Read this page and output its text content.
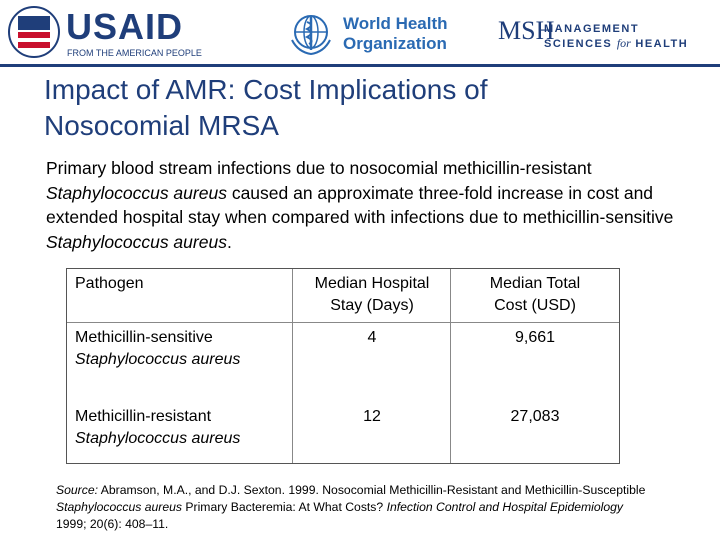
USAID
FROM THE AMERICAN PEOPLE
World Health
Organization MSH
MANAGEMENT
SCIENCES for HEALTH
Impact of AMR: Cost Implications of
Nosocomial MRSA

Primary blood stream infections due to nosocomial methicillin-resistant Staphylococcus aureus caused an approximate three-fold increase in cost and extended hospital stay when compared with infections due to methicillin-sensitive Staphylococcus aureus.

Pathogen
Methicillin-sensitive
Staphylococcus aureus
Methicillin-resistant
Staphylococcus aureus
Median Hospital
Stay (Days)
4
12
Median Total
Cost (USD)
9,661
27,083

Source: Abramson, M.A., and D.J. Sexton. 1999. Nosocomial Methicillin-Resistant and Methicillin-Susceptible Staphylococcus aureus Primary Bacteremia: At What Costs? Infection Control and Hospital Epidemiology 1999; 20(6): 408–11.
